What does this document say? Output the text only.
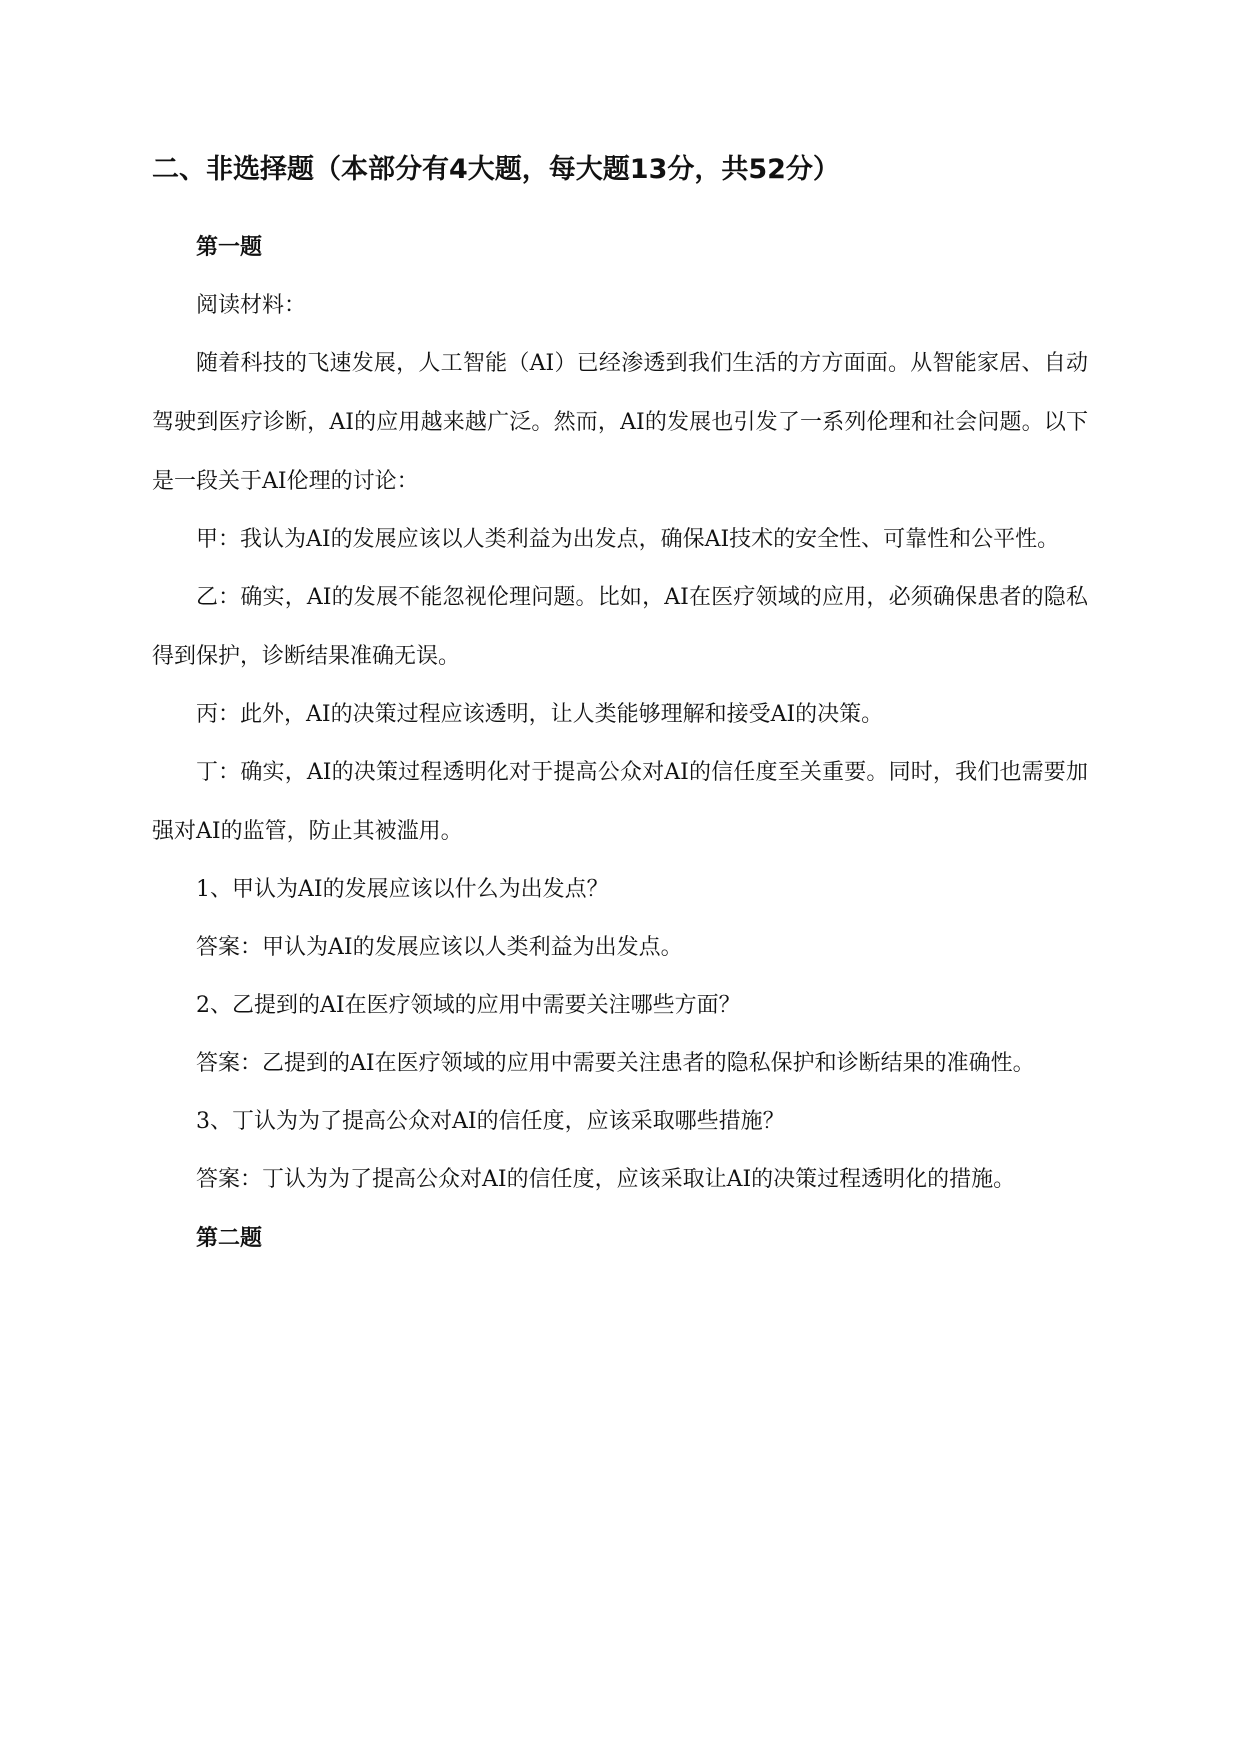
二、非选择题（本部分有4大题，每大题13分，共52分）
第一题

阅读材料：

随着科技的飞速发展，人工智能（AI）已经渗透到我们生活的方方面面。从智能家居、自动驾驶到医疗诊断，AI的应用越来越广泛。然而，AI的发展也引发了一系列伦理和社会问题。以下是一段关于AI伦理的讨论：

甲：我认为AI的发展应该以人类利益为出发点，确保AI技术的安全性、可靠性和公平性。

乙：确实，AI的发展不能忽视伦理问题。比如，AI在医疗领域的应用，必须确保患者的隐私得到保护，诊断结果准确无误。

丙：此外，AI的决策过程应该透明，让人类能够理解和接受AI的决策。

丁：确实，AI的决策过程透明化对于提高公众对AI的信任度至关重要。同时，我们也需要加强对AI的监管，防止其被滥用。

1、甲认为AI的发展应该以什么为出发点？

答案：甲认为AI的发展应该以人类利益为出发点。

2、乙提到的AI在医疗领域的应用中需要关注哪些方面？

答案：乙提到的AI在医疗领域的应用中需要关注患者的隐私保护和诊断结果的准确性。

3、丁认为为了提高公众对AI的信任度，应该采取哪些措施？

答案：丁认为为了提高公众对AI的信任度，应该采取让AI的决策过程透明化的措施。

第二题
